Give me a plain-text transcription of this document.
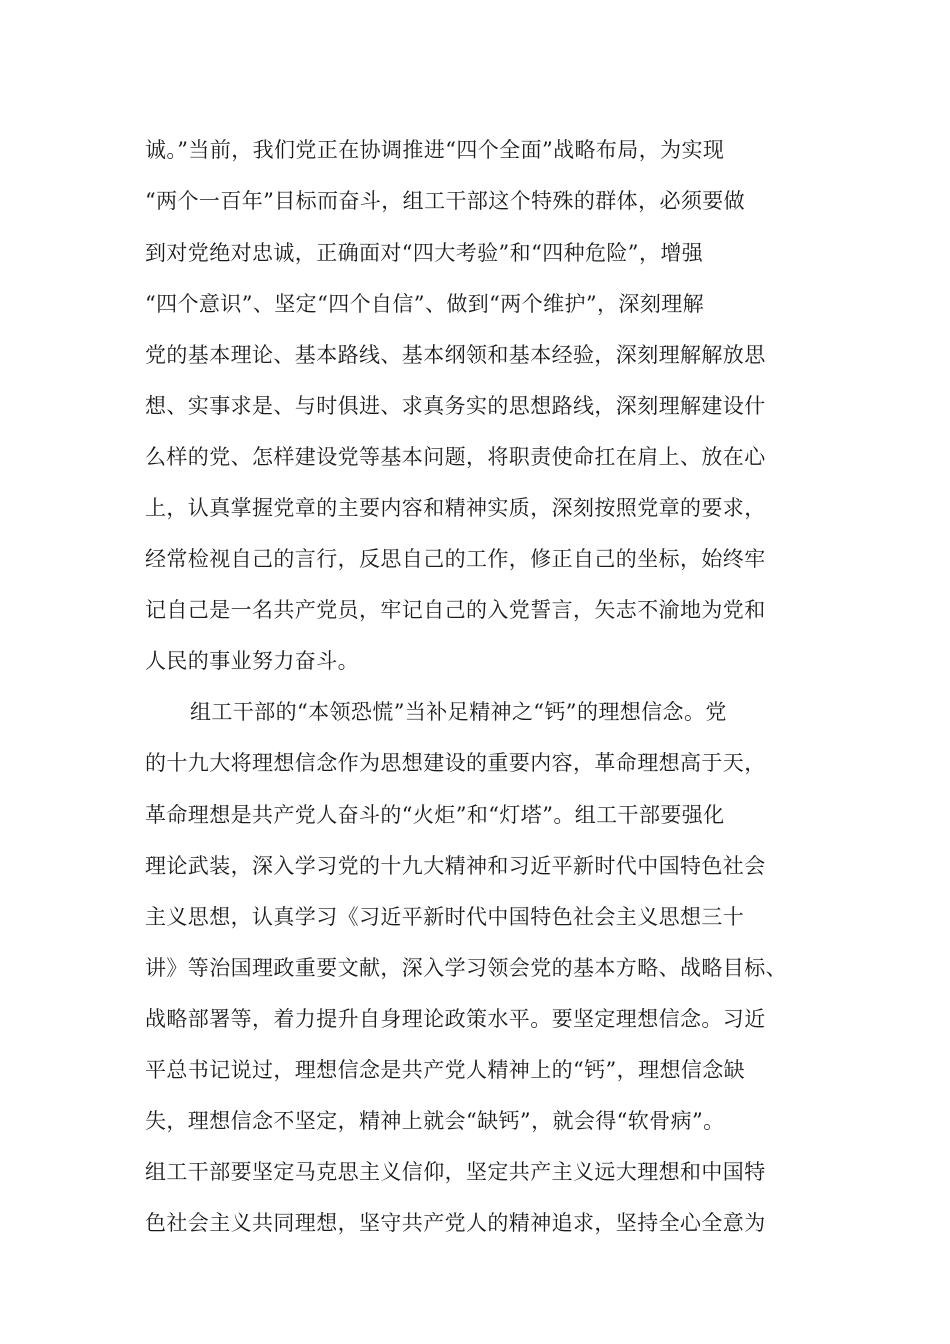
诚。”当前，我们党正在协调推进“四个全面”战略布局，为实现
“两个一百年”目标而奋斗，组工干部这个特殊的群体，必须要做
到对党绝对忠诚，正确面对“四大考验”和“四种危险”，增强
“四个意识”、坚定“四个自信”、做到“两个维护”，深刻理解
党的基本理论、基本路线、基本纲领和基本经验，深刻理解解放思
想、实事求是、与时俱进、求真务实的思想路线，深刻理解建设什
么样的党、怎样建设党等基本问题，将职责使命扛在肩上、放在心
上，认真掌握党章的主要内容和精神实质，深刻按照党章的要求，
经常检视自己的言行，反思自己的工作，修正自己的坐标，始终牢
记自己是一名共产党员，牢记自己的入党誓言，矢志不渝地为党和
人民的事业努力奋斗。
组工干部的“本领恐慌”当补足精神之“钙”的理想信念。党
的十九大将理想信念作为思想建设的重要内容，革命理想高于天，
革命理想是共产党人奋斗的“火炬”和“灯塔”。组工干部要强化
理论武装，深入学习党的十九大精神和习近平新时代中国特色社会
主义思想，认真学习《习近平新时代中国特色社会主义思想三十
讲》等治国理政重要文献，深入学习领会党的基本方略、战略目标、
战略部署等，着力提升自身理论政策水平。要坚定理想信念。习近
平总书记说过，理想信念是共产党人精神上的“钙”，理想信念缺
失，理想信念不坚定，精神上就会“缺钙”，就会得“软骨病”。
组工干部要坚定马克思主义信仰，坚定共产主义远大理想和中国特
色社会主义共同理想，坚守共产党人的精神追求，坚持全心全意为
